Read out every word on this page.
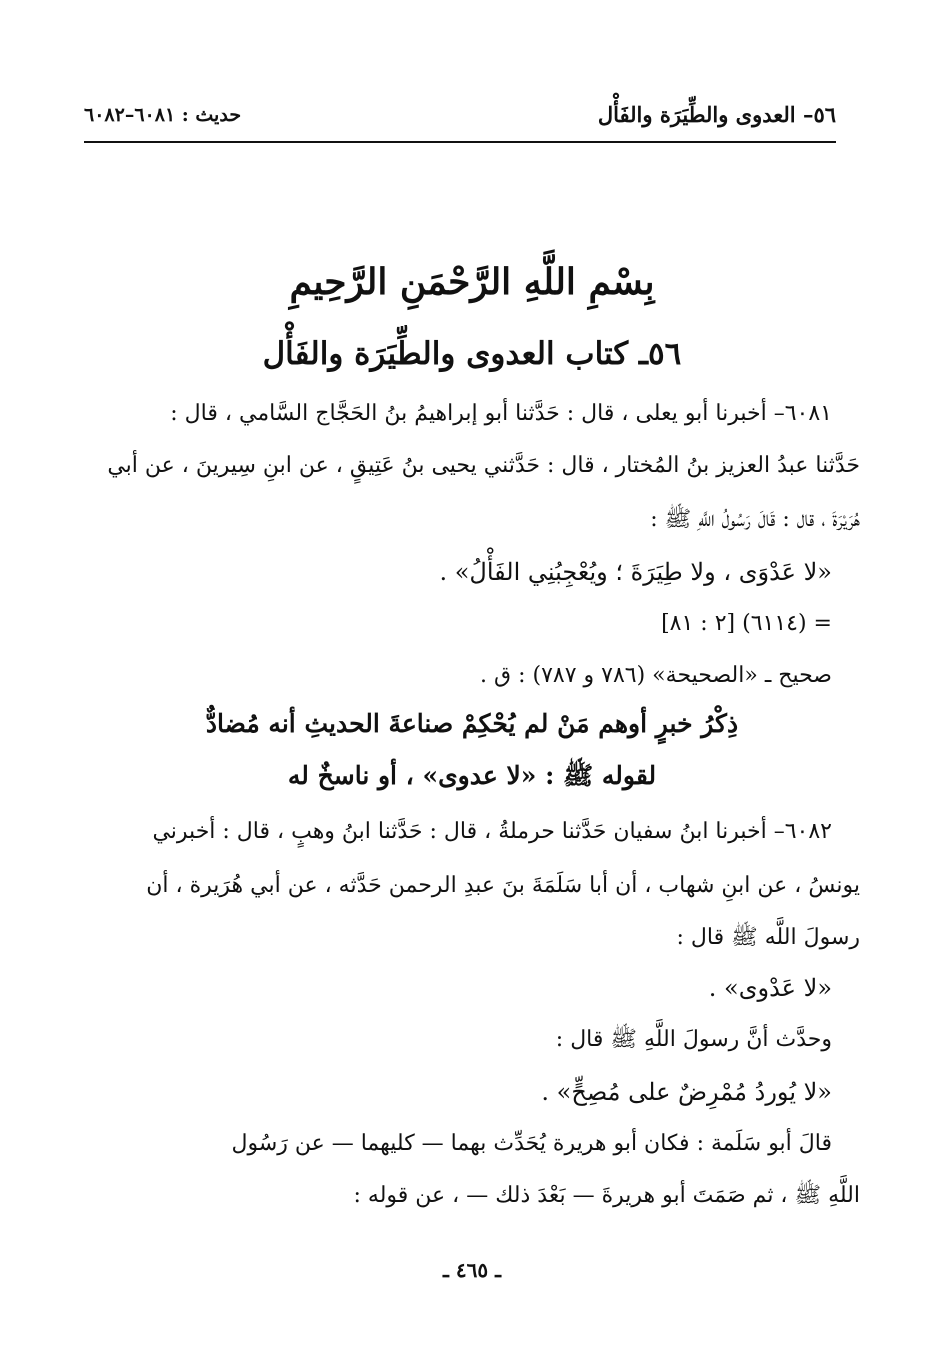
٥٦– العدوى والطِّيَرَة والفَأْل
حديث : ٦٠٨١–٦٠٨٢
بِسْمِ اللَّهِ الرَّحْمَنِ الرَّحِيمِ
٥٦ـ كتاب العدوى والطِّيَرَة والفَأْل
٦٠٨١– أخبرنا أبو يعلى ، قال : حَدَّثنا أبو إبراهيمُ بنُ الحَجَّاج السَّامي ، قال :
حَدَّثنا عبدُ العزيز بنُ المُختار ، قال : حَدَّثني يحيى بنُ عَتِيقٍ ، عن ابنِ سِيرينَ ، عن أبي
هُرَيْرَةَ ، قال : قَالَ رَسُولُ اللَّهِ ﷺ :
«لا عَدْوَى ، ولا طِيَرَةَ ؛ ويُعْجِبُنِي الفَأْلُ» .
= (٦١١٤) [٢ : ٨١]
صحيح ـ «الصحيحة» (٧٨٦ و ٧٨٧) : ق .
ذِكْرُ خبرٍ أوهم مَنْ لم يُحْكِمْ صناعةَ الحديثِ أنه مُضادٌّ
لقوله ﷺ : «لا عدوى» ، أو ناسخٌ له
٦٠٨٢– أخبرنا ابنُ سفيان حَدَّثنا حرملةُ ، قال : حَدَّثنا ابنُ وهبٍ ، قال : أخبرني
يونسُ ، عن ابنِ شهاب ، أن أبا سَلَمَةَ بنَ عبدِ الرحمن حَدَّثه ، عن أبي هُرَيرة ، أن
رسولَ اللَّه ﷺ قال :
«لا عَدْوى» .
وحدَّث أنَّ رسولَ اللَّهِ ﷺ قال :
«لا يُوردُ مُمْرِضٌ على مُصِحٍّ» .
قالَ أبو سَلَمة : فكان أبو هريرة يُحَدِّث بهما — كليهما — عن رَسُول
اللَّهِ ﷺ ، ثم صَمَتَ أبو هريرةَ — بَعْدَ ذلك — ، عن قوله :
ـ ٤٦٥ ـ
